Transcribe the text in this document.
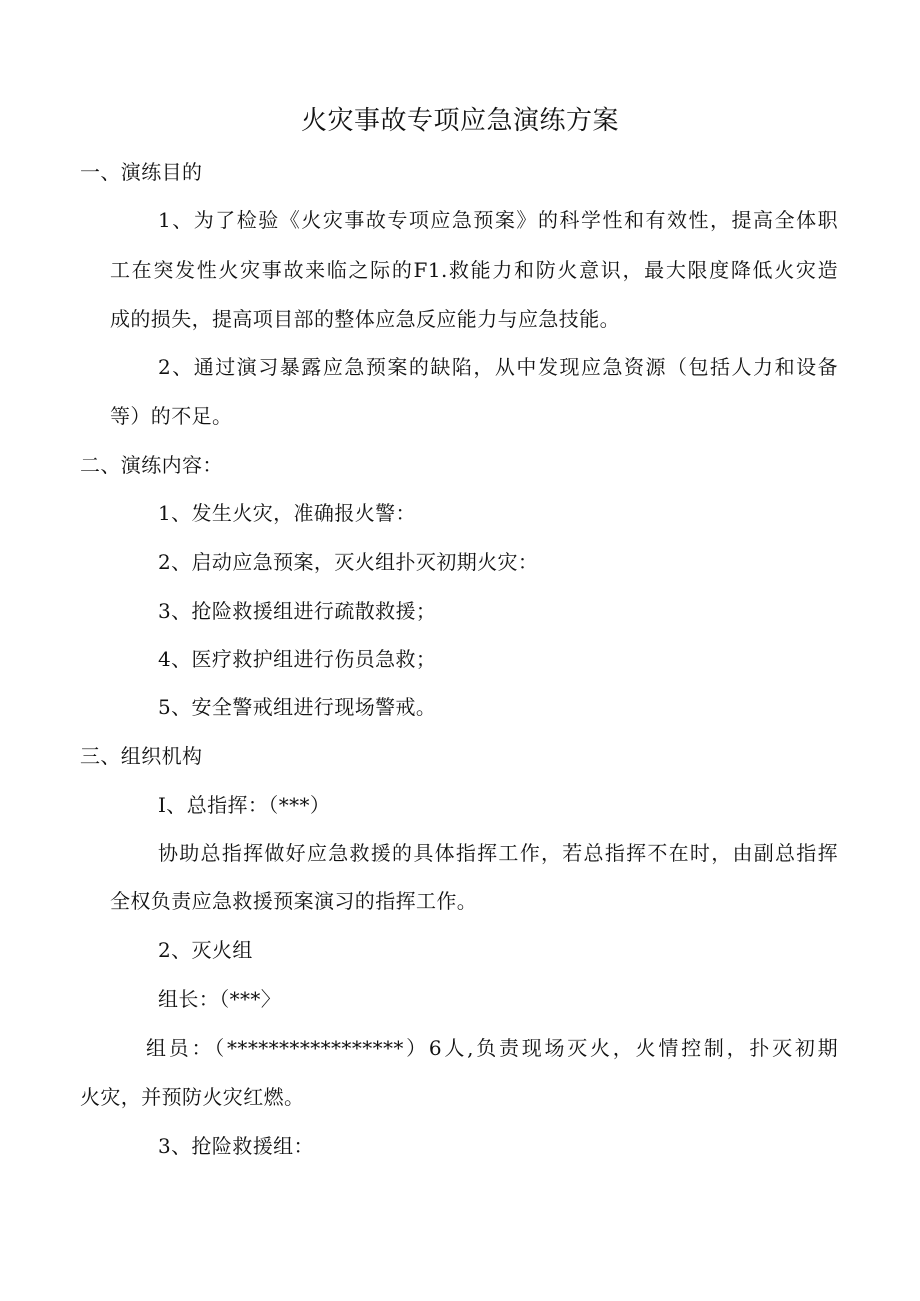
火灾事故专项应急演练方案
一、演练目的
1、为了检验《火灾事故专项应急预案》的科学性和有效性，提高全体职
工在突发性火灾事故来临之际的F1.救能力和防火意识，最大限度降低火灾造
成的损失，提高项目部的整体应急反应能力与应急技能。
2、通过演习暴露应急预案的缺陷，从中发现应急资源（包括人力和设备
等）的不足。
二、演练内容：
1、发生火灾，准确报火警：
2、启动应急预案，灭火组扑灭初期火灾：
3、抢险救援组进行疏散救援；
4、医疗救护组进行伤员急救；
5、安全警戒组进行现场警戒。
三、组织机构
I、总指挥：（***）
协助总指挥做好应急救援的具体指挥工作，若总指挥不在时，由副总指挥
全权负责应急救援预案演习的指挥工作。
2、灭火组
组长：（***〉
组员：（*****************）6人,负责现场灭火，火情控制，扑灭初期
火灾，并预防火灾红燃。
3、抢险救援组：
